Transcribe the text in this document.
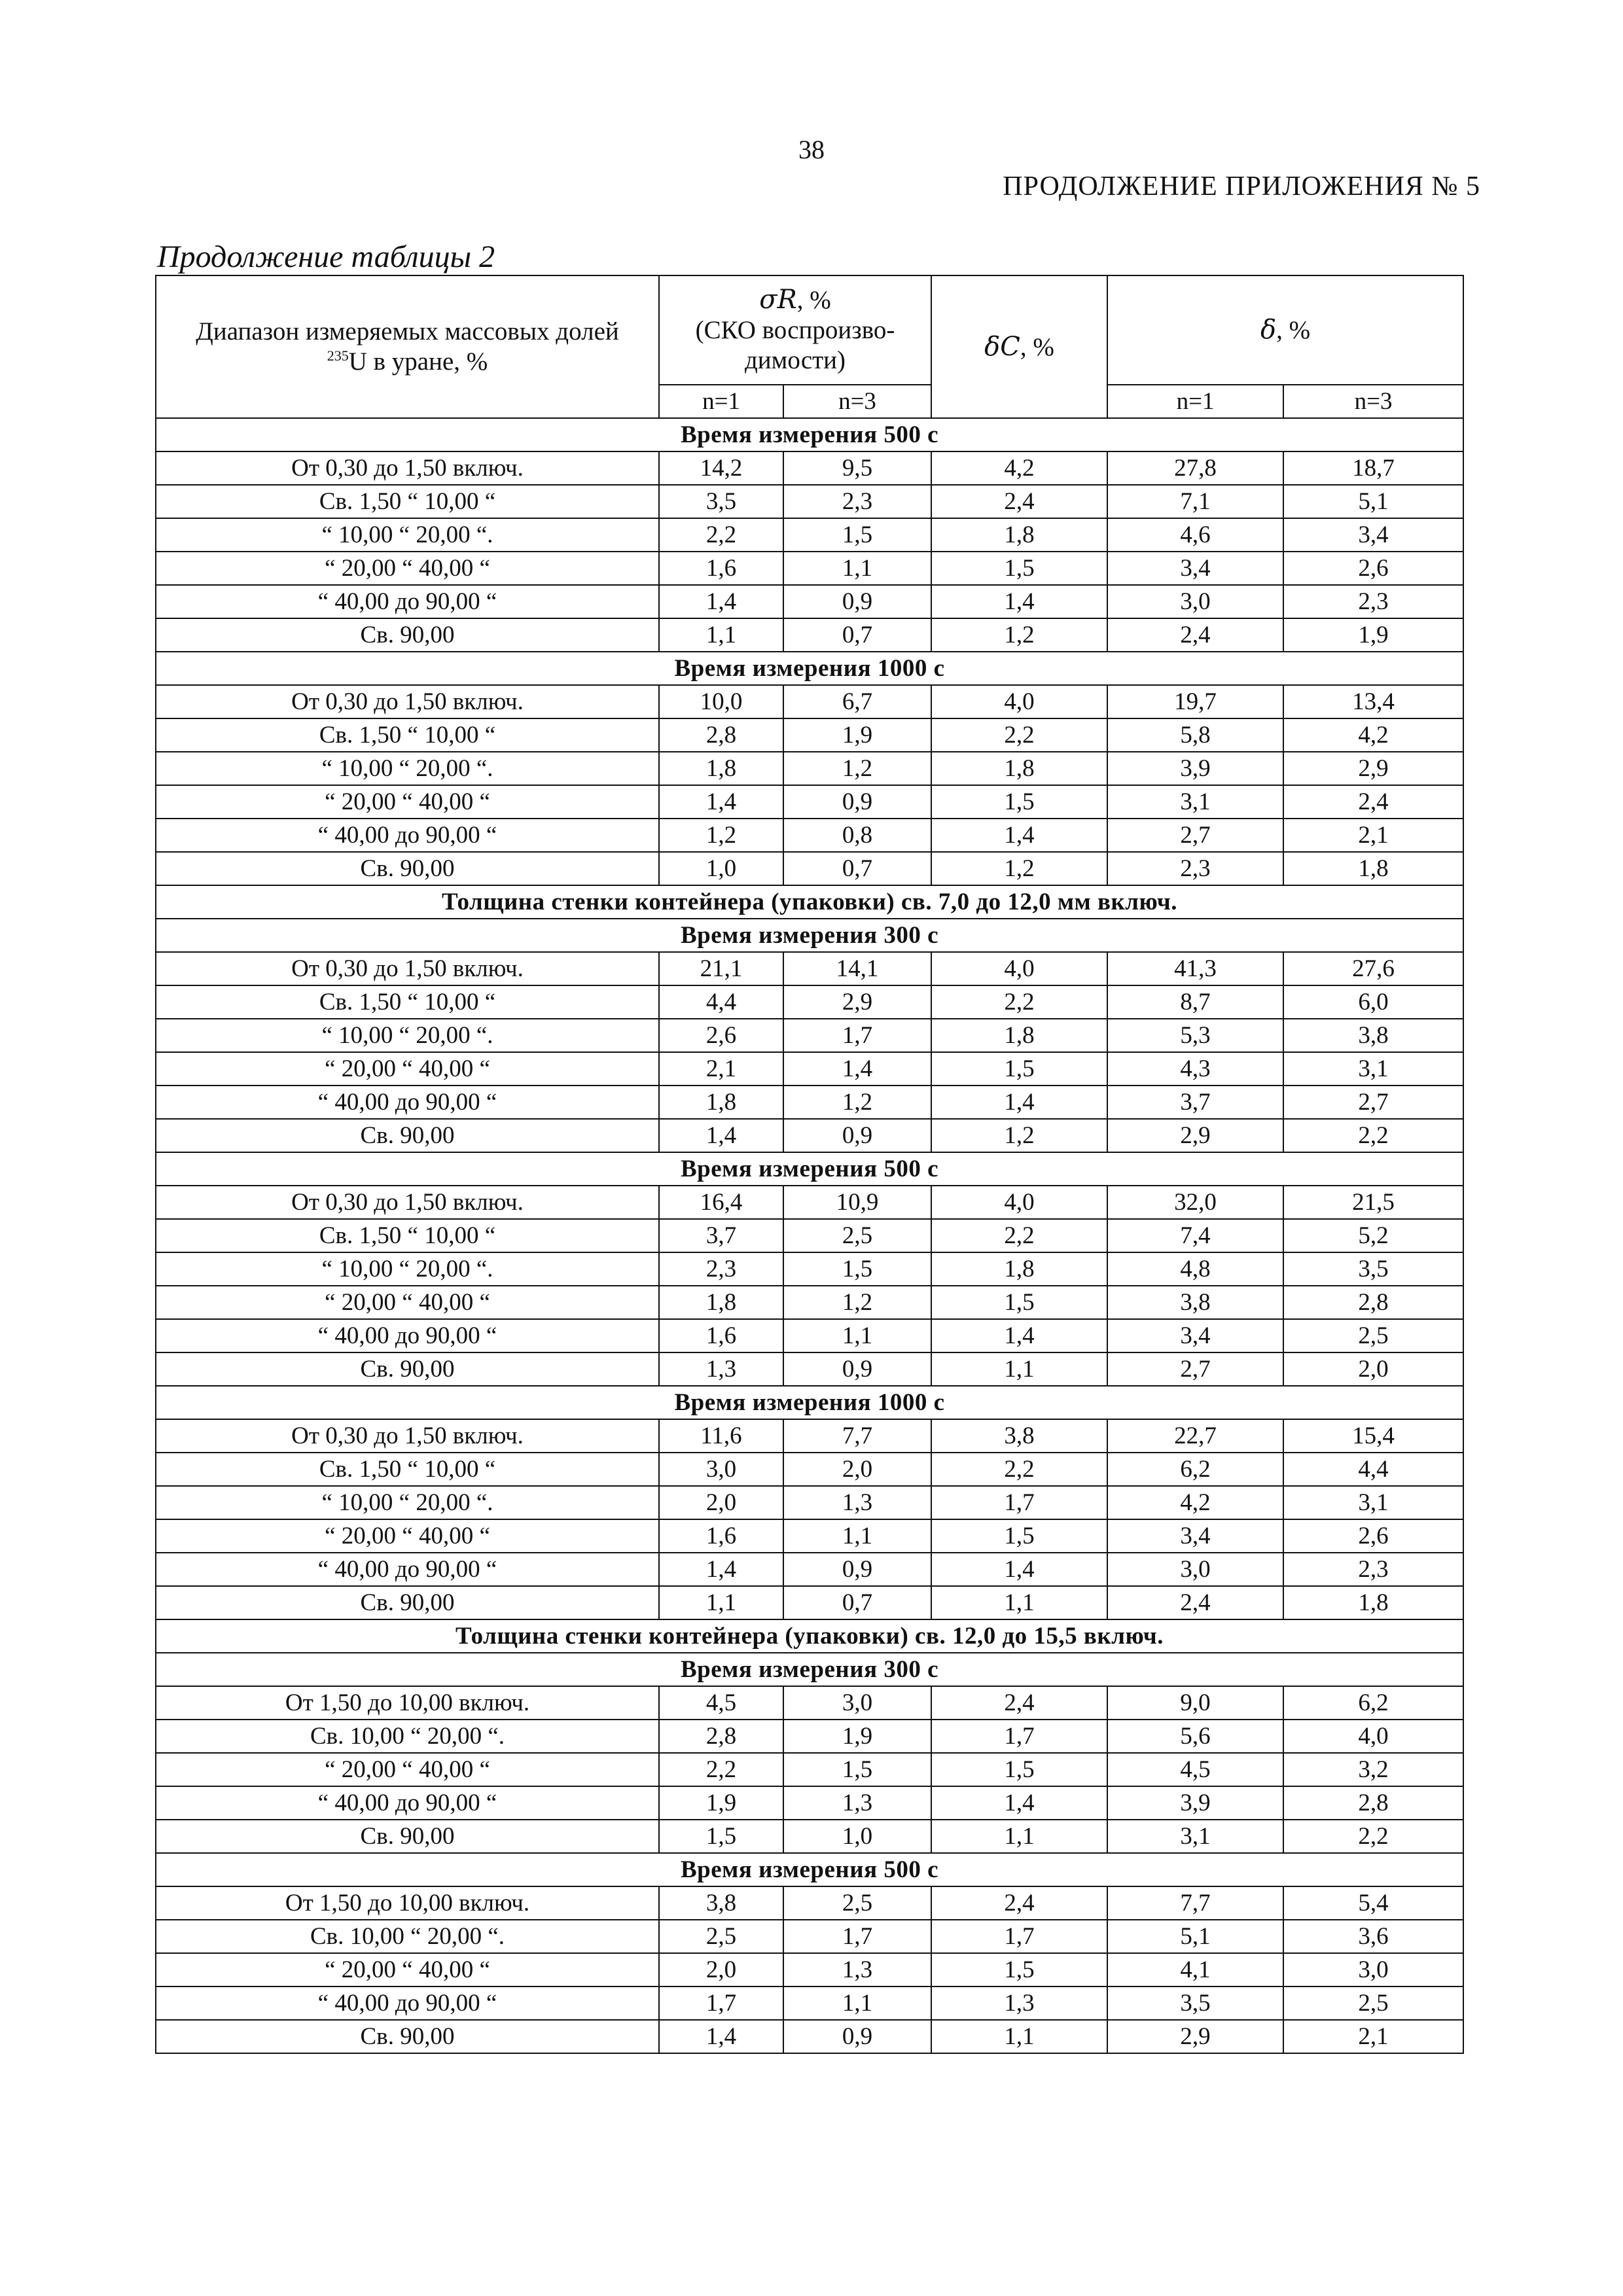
38
ПРОДОЛЖЕНИЕ ПРИЛОЖЕНИЯ № 5
Продолжение таблицы 2
Диапазон измеряемых массовых долей
$^{235}$U в уране, %	σR, %
(СКО воспроизво-
димости)		δC, %	δ, %	
	n=1	n=3		n=1	n=3
Время измерения 500 с					
От 0,30 до 1,50 включ.	14,2	9,5	4,2	27,8	18,7
Св. 1,50 “ 10,00 “	3,5	2,3	2,4	7,1	5,1
“ 10,00 “ 20,00 “.	2,2	1,5	1,8	4,6	3,4
“ 20,00 “ 40,00 “	1,6	1,1	1,5	3,4	2,6
“ 40,00 до 90,00 “	1,4	0,9	1,4	3,0	2,3
Св. 90,00	1,1	0,7	1,2	2,4	1,9
Время измерения 1000 с					
От 0,30 до 1,50 включ.	10,0	6,7	4,0	19,7	13,4
Св. 1,50 “ 10,00 “	2,8	1,9	2,2	5,8	4,2
“ 10,00 “ 20,00 “.	1,8	1,2	1,8	3,9	2,9
“ 20,00 “ 40,00 “	1,4	0,9	1,5	3,1	2,4
“ 40,00 до 90,00 “	1,2	0,8	1,4	2,7	2,1
Св. 90,00	1,0	0,7	1,2	2,3	1,8
Толщина стенки контейнера (упаковки) св. 7,0 до 12,0 мм включ.					
Время измерения 300 с					
От 0,30 до 1,50 включ.	21,1	14,1	4,0	41,3	27,6
Св. 1,50 “ 10,00 “	4,4	2,9	2,2	8,7	6,0
“ 10,00 “ 20,00 “.	2,6	1,7	1,8	5,3	3,8
“ 20,00 “ 40,00 “	2,1	1,4	1,5	4,3	3,1
“ 40,00 до 90,00 “	1,8	1,2	1,4	3,7	2,7
Св. 90,00	1,4	0,9	1,2	2,9	2,2
Время измерения 500 с					
От 0,30 до 1,50 включ.	16,4	10,9	4,0	32,0	21,5
Св. 1,50 “ 10,00 “	3,7	2,5	2,2	7,4	5,2
“ 10,00 “ 20,00 “.	2,3	1,5	1,8	4,8	3,5
“ 20,00 “ 40,00 “	1,8	1,2	1,5	3,8	2,8
“ 40,00 до 90,00 “	1,6	1,1	1,4	3,4	2,5
Св. 90,00	1,3	0,9	1,1	2,7	2,0
Время измерения 1000 с					
От 0,30 до 1,50 включ.	11,6	7,7	3,8	22,7	15,4
Св. 1,50 “ 10,00 “	3,0	2,0	2,2	6,2	4,4
“ 10,00 “ 20,00 “.	2,0	1,3	1,7	4,2	3,1
“ 20,00 “ 40,00 “	1,6	1,1	1,5	3,4	2,6
“ 40,00 до 90,00 “	1,4	0,9	1,4	3,0	2,3
Св. 90,00	1,1	0,7	1,1	2,4	1,8
Толщина стенки контейнера (упаковки) св. 12,0 до 15,5 включ.					
Время измерения 300 с					
От 1,50 до 10,00 включ.	4,5	3,0	2,4	9,0	6,2
Св. 10,00 “ 20,00 “.	2,8	1,9	1,7	5,6	4,0
“ 20,00 “ 40,00 “	2,2	1,5	1,5	4,5	3,2
“ 40,00 до 90,00 “	1,9	1,3	1,4	3,9	2,8
Св. 90,00	1,5	1,0	1,1	3,1	2,2
Время измерения 500 с					
От 1,50 до 10,00 включ.	3,8	2,5	2,4	7,7	5,4
Св. 10,00 “ 20,00 “.	2,5	1,7	1,7	5,1	3,6
“ 20,00 “ 40,00 “	2,0	1,3	1,5	4,1	3,0
“ 40,00 до 90,00 “	1,7	1,1	1,3	3,5	2,5
Св. 90,00	1,4	0,9	1,1	2,9	2,1
